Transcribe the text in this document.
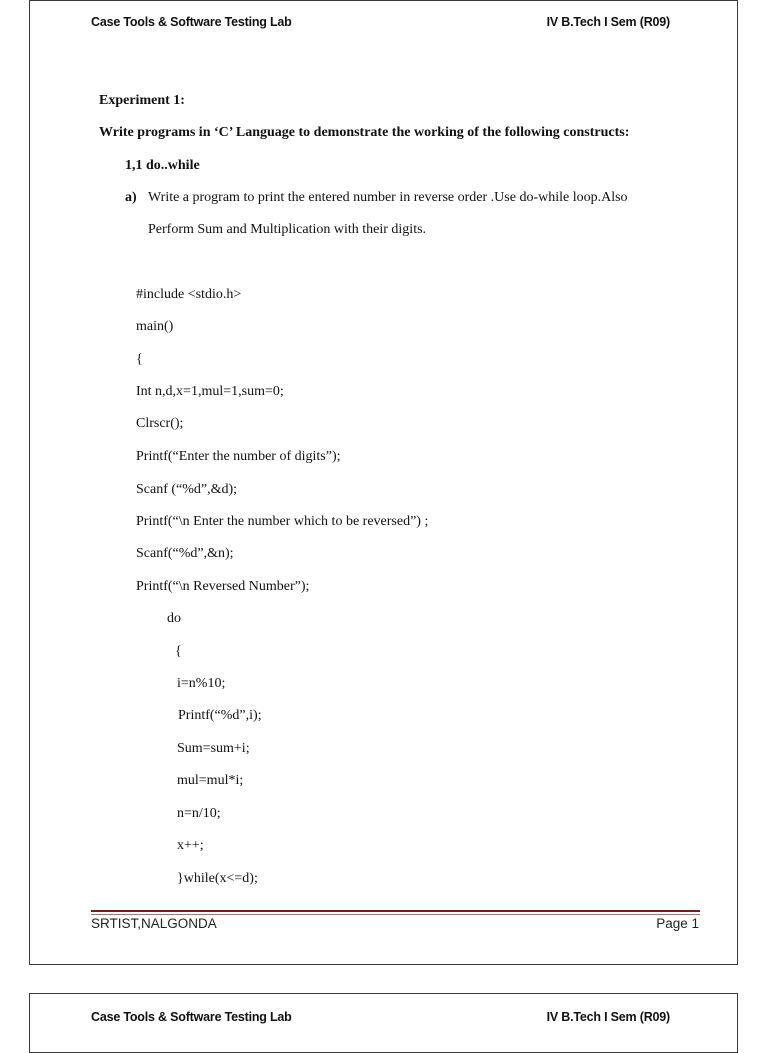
Case Tools & Software Testing Lab	IV B.Tech I Sem (R09)
Experiment 1:
Write programs in ‘C’ Language to demonstrate the working of the following constructs:
1,1 do..while
a) Write a program to print the entered number in reverse order .Use do-while loop.Also
Perform Sum and Multiplication with their digits.
#include <stdio.h>
main()
{
Int n,d,x=1,mul=1,sum=0;
Clrscr();
Printf(“Enter the number of digits”);
Scanf (“%d”,&d);
Printf(“\n Enter the number which to be reversed”) ;
Scanf(“%d”,&n);
Printf(“\n Reversed Number”);
do
{
i=n%10;
Printf(“%d”,i);
Sum=sum+i;
mul=mul*i;
n=n/10;
x++;
}while(x<=d);
SRTIST,NALGONDA	Page 1
Case Tools & Software Testing Lab	IV B.Tech I Sem (R09)
